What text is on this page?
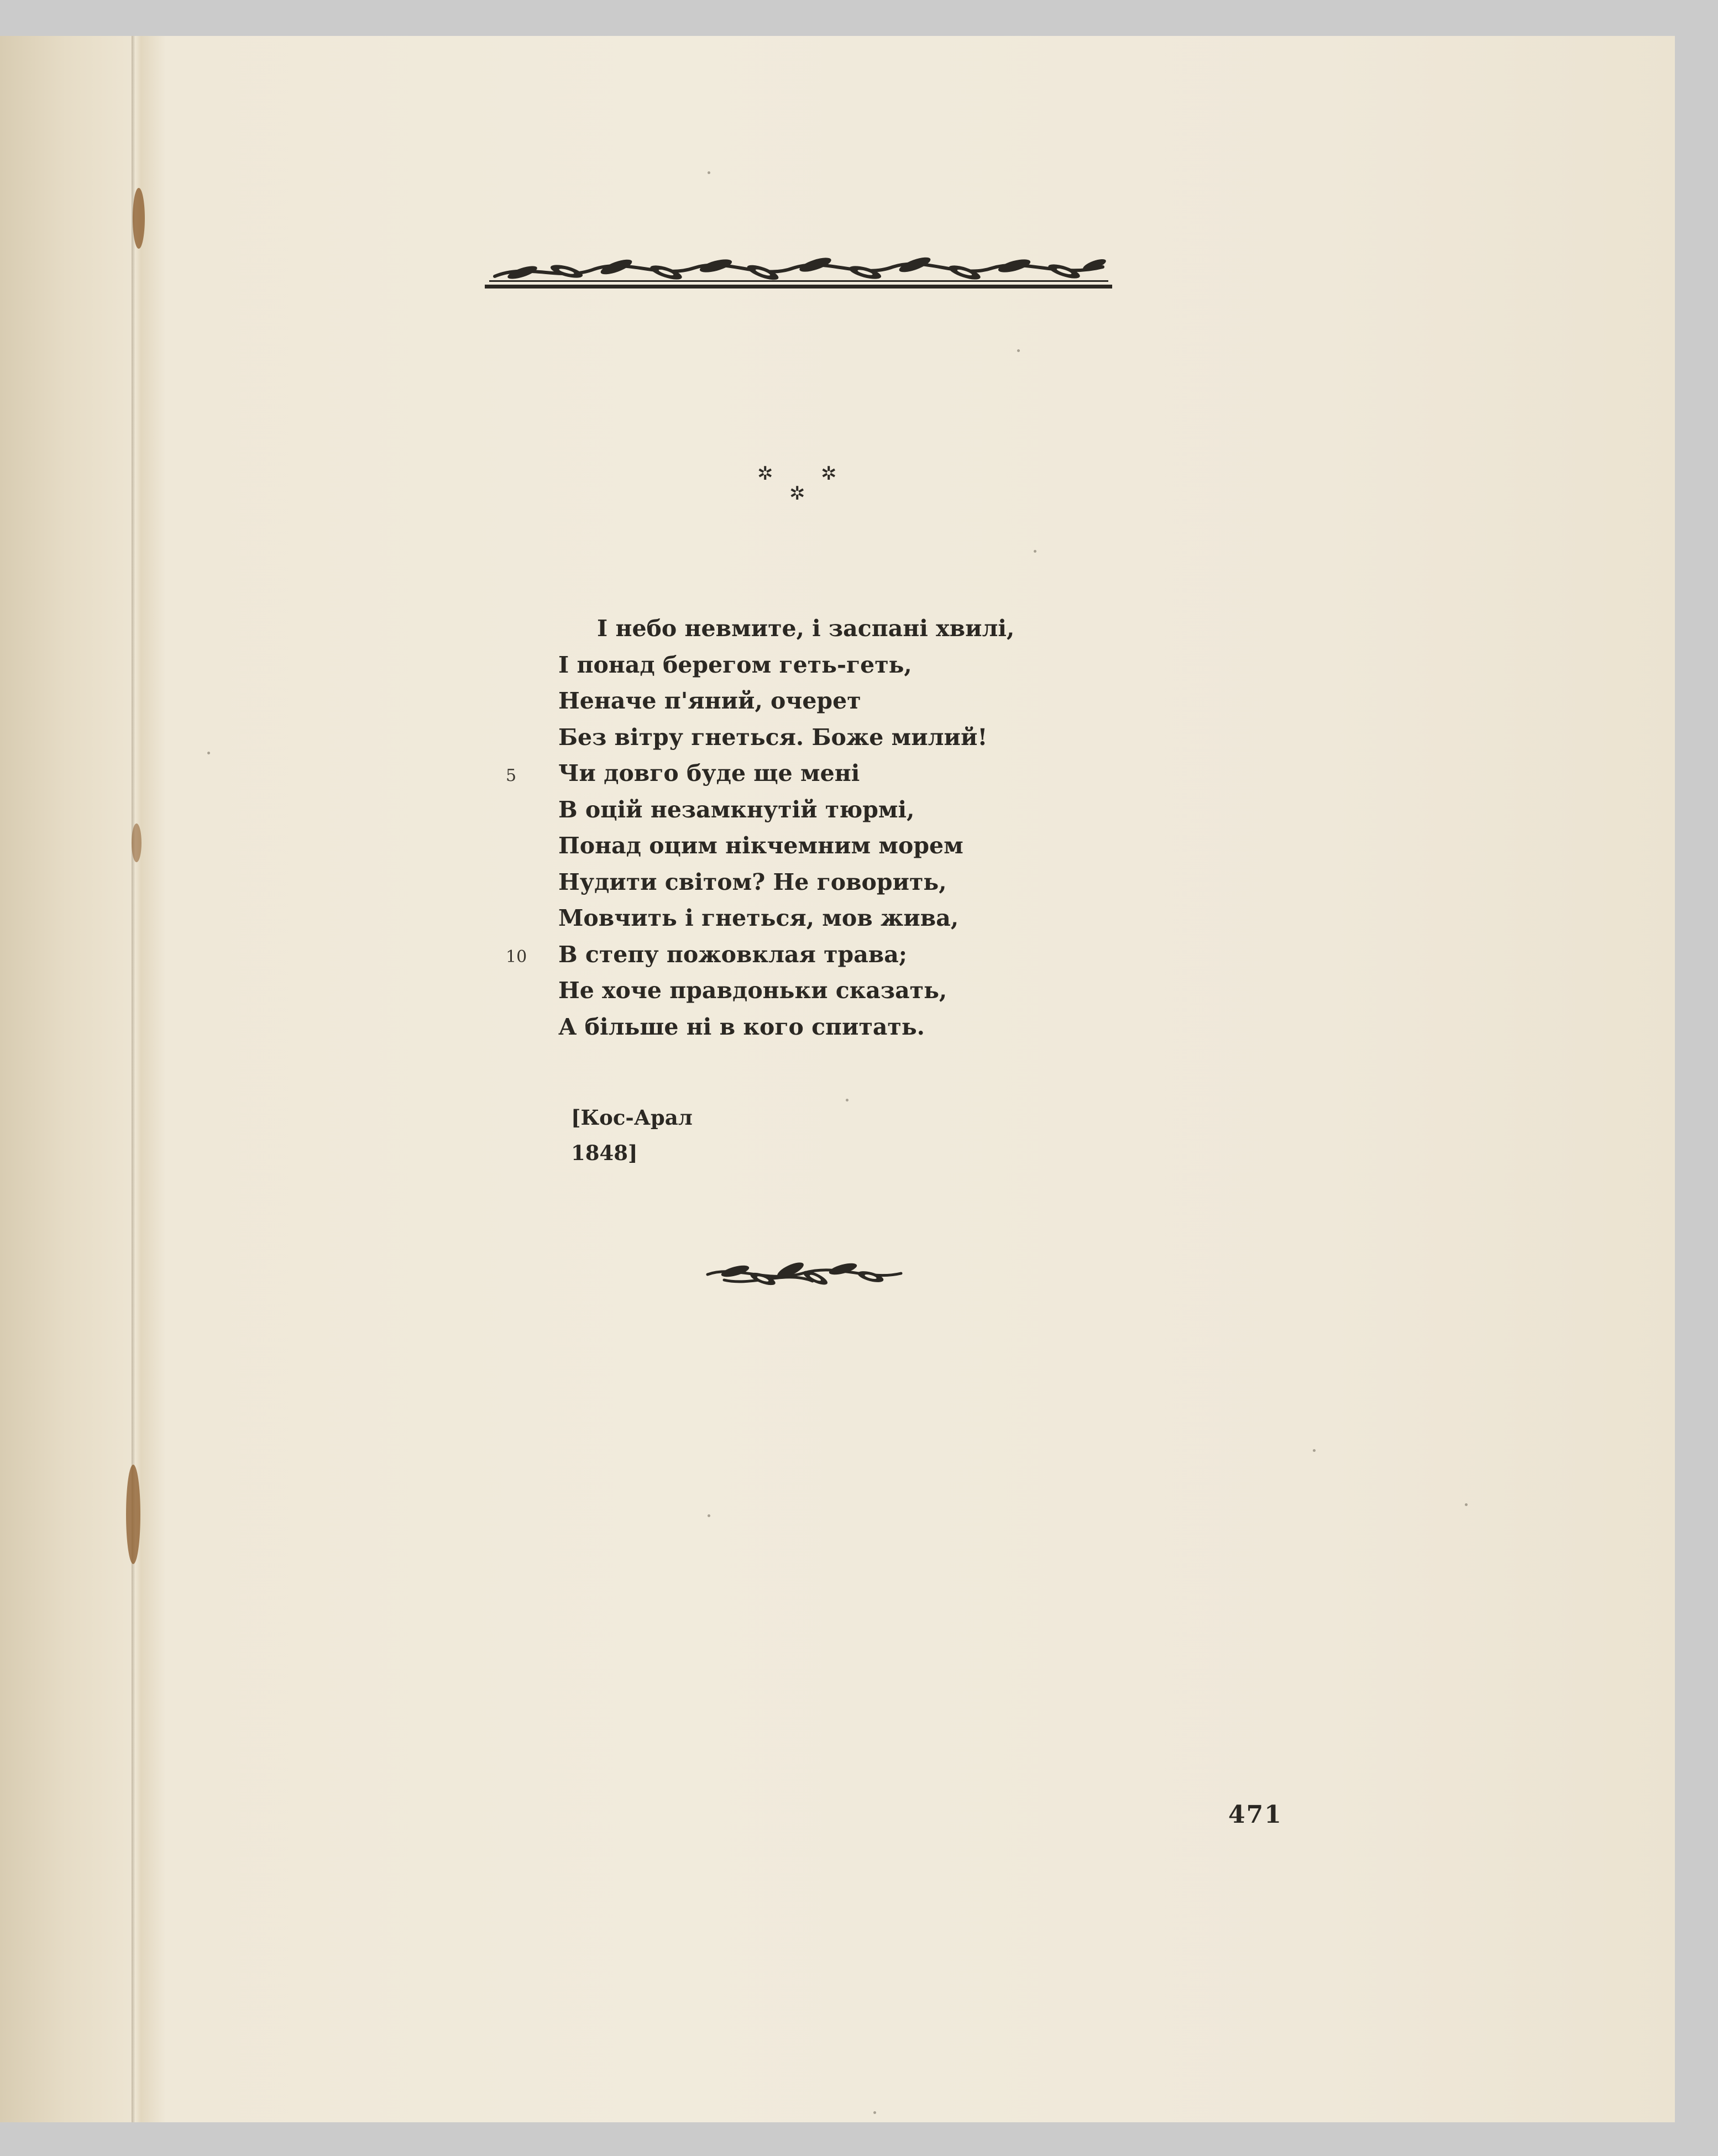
✲	✲
✲
І небо невмите, і заспані хвилі,
І понад берегом геть-геть,
Неначе п'яний, очерет
Без вітру гнеться. Боже милий!
5 Чи довго буде ще мені
В оцій незамкнутій тюрмі,
Понад оцим нікчемним морем
Нудити світом? Не говорить,
Мовчить і гнеться, мов жива,
10 В степу пожовклая трава;
Не хоче правдоньки сказать,
А більше ні в кого спитать.
[Кос-Арал
1848]
471
